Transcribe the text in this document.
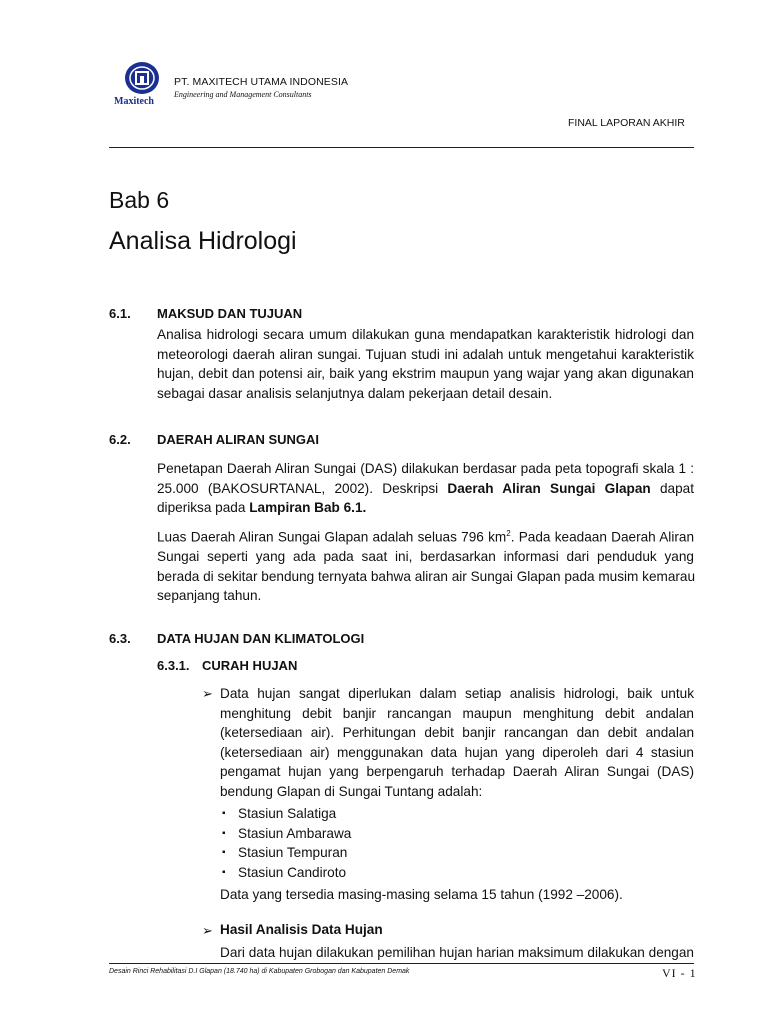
Maxitech
PT. MAXITECH UTAMA INDONESIA
Engineering and Management Consultants
FINAL LAPORAN AKHIR
Bab 6
Analisa Hidrologi
6.1. MAKSUD DAN TUJUAN
Analisa hidrologi secara umum dilakukan guna mendapatkan karakteristik hidrologi dan
meteorologi daerah aliran sungai. Tujuan studi ini adalah untuk mengetahui karakteristik
hujan, debit dan potensi air, baik yang ekstrim maupun yang wajar yang akan digunakan
sebagai dasar analisis selanjutnya dalam pekerjaan detail desain.
6.2. DAERAH ALIRAN SUNGAI
Penetapan Daerah Aliran Sungai (DAS) dilakukan berdasar pada peta topografi skala 1 :
25.000 (BAKOSURTANAL, 2002). Deskripsi Daerah Aliran Sungai Glapan dapat
diperiksa pada Lampiran Bab 6.1.
Luas Daerah Aliran Sungai Glapan adalah seluas 796 $km^2$. Pada keadaan Daerah Aliran
Sungai seperti yang ada pada saat ini, berdasarkan informasi dari penduduk yang
berada di sekitar bendung ternyata bahwa aliran air Sungai Glapan pada musim kemarau
sepanjang tahun.
6.3. DATA HUJAN DAN KLIMATOLOGI
6.3.1. CURAH HUJAN
➢ Data hujan sangat diperlukan dalam setiap analisis hidrologi, baik untuk
menghitung debit banjir rancangan maupun menghitung debit andalan
(ketersediaan air). Perhitungan debit banjir rancangan dan debit andalan
(ketersediaan air) menggunakan data hujan yang diperoleh dari 4 stasiun
pengamat hujan yang berpengaruh terhadap Daerah Aliran Sungai (DAS)
bendung Glapan di Sungai Tuntang adalah:
▪ Stasiun Salatiga
▪ Stasiun Ambarawa
▪ Stasiun Tempuran
▪ Stasiun Candiroto
Data yang tersedia masing-masing selama 15 tahun (1992 –2006).
➢ Hasil Analisis Data Hujan
Dari data hujan dilakukan pemilihan hujan harian maksimum dilakukan dengan
Desain Rinci Rehabilitasi D.I Glapan (18.740 ha) di Kabupaten Grobogan dan Kabupaten Demak	VI - 1
